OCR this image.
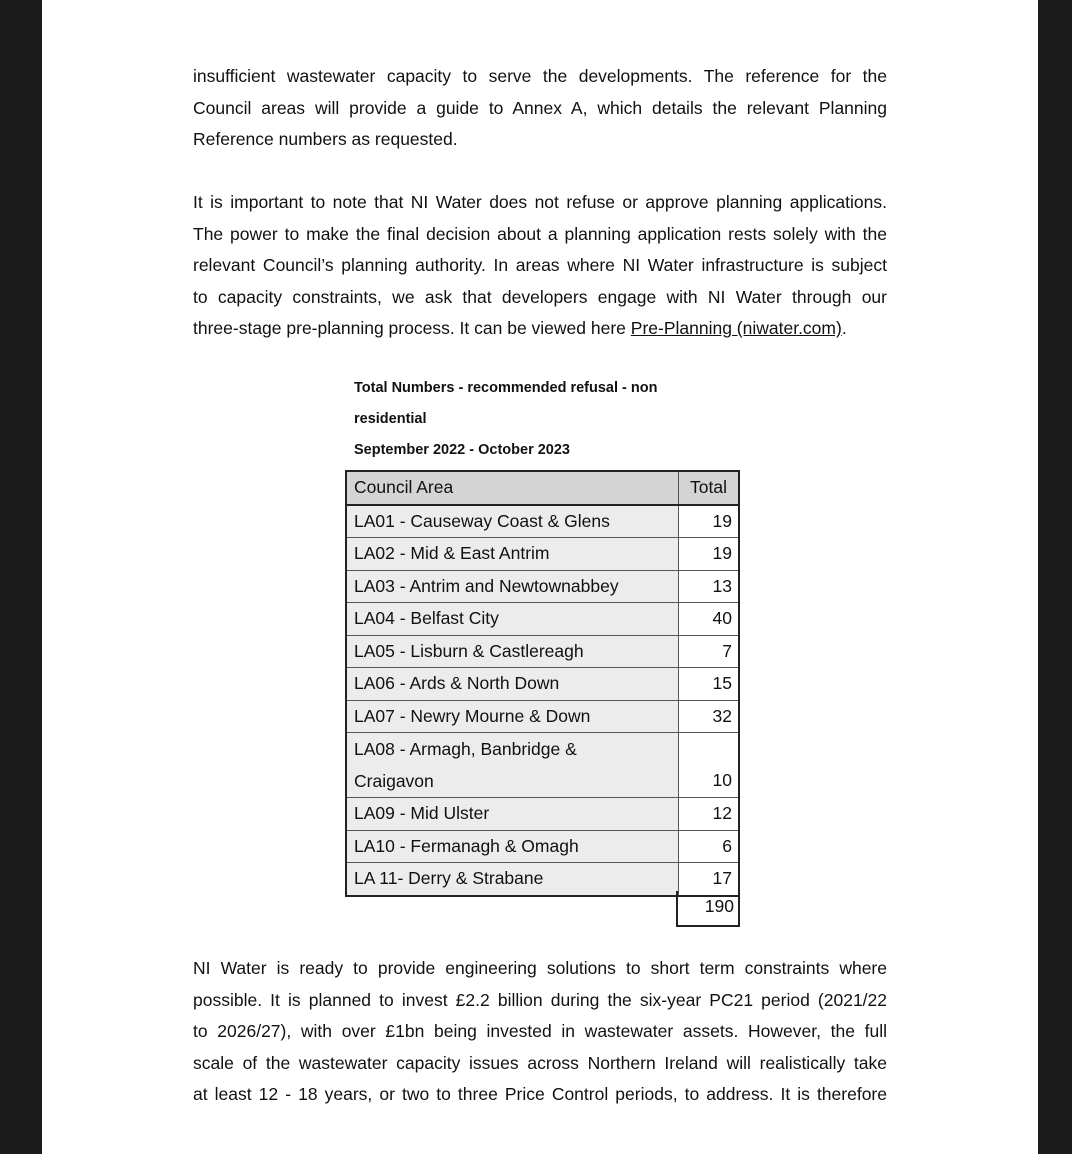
insufficient wastewater capacity to serve the developments. The reference for the
Council areas will provide a guide to Annex A, which details the relevant Planning
Reference numbers as requested.
It is important to note that NI Water does not refuse or approve planning applications.
The power to make the final decision about a planning application rests solely with the
relevant Council’s planning authority. In areas where NI Water infrastructure is subject
to capacity constraints, we ask that developers engage with NI Water through our
three-stage pre-planning process. It can be viewed here Pre-Planning (niwater.com).
Total Numbers - recommended refusal - non
residential
September 2022 - October 2023
Council Area	Total
LA01 - Causeway Coast & Glens	19
LA02 - Mid & East Antrim	19
LA03 - Antrim and Newtownabbey	13
LA04 - Belfast City	40
LA05 - Lisburn & Castlereagh	7
LA06 - Ards & North Down	15
LA07 - Newry Mourne & Down	32
LA08 - Armagh, Banbridge &
Craigavon	10
LA09 - Mid Ulster	12
LA10 - Fermanagh & Omagh	6
LA 11- Derry & Strabane	17
190
NI Water is ready to provide engineering solutions to short term constraints where
possible. It is planned to invest £2.2 billion during the six-year PC21 period (2021/22
to 2026/27), with over £1bn being invested in wastewater assets. However, the full
scale of the wastewater capacity issues across Northern Ireland will realistically take
at least 12 - 18 years, or two to three Price Control periods, to address. It is therefore
